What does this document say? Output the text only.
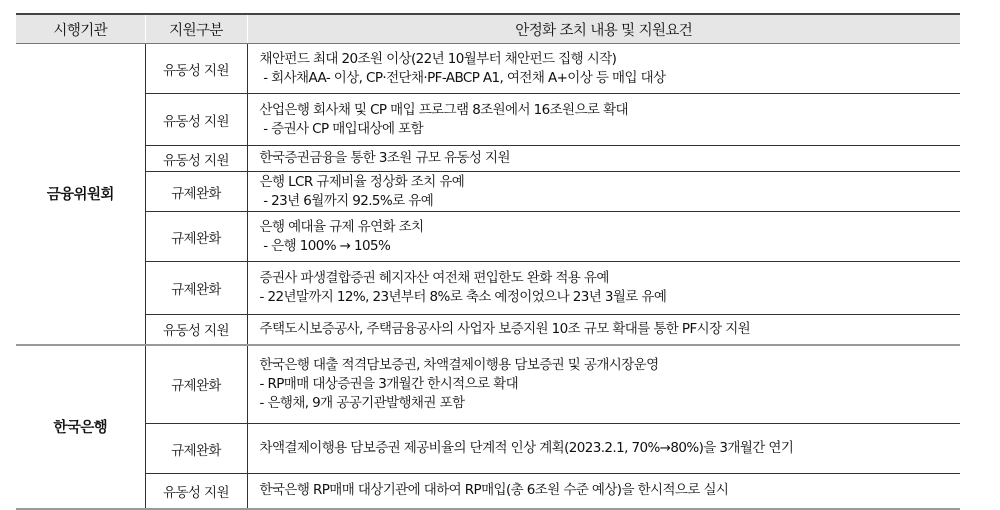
시행기관	지원구분	안정화 조치 내용 및 지원요건
금융위원회	유동성 지원	채안펀드 최대 20조원 이상(22년 10월부터 채안펀드 집행 시작)
- 회사채AA- 이상, CP·전단채·PF-ABCP A1, 여전채 A+이상 등 매입 대상

	유동성 지원	산업은행 회사채 및 CP 매입 프로그램 8조원에서 16조원으로 확대
- 증권사 CP 매입대상에 포함

	유동성 지원	한국증권금융을 통한 3조원 규모 유동성 지원

	규제완화	은행 LCR 규제비율 정상화 조치 유예
- 23년 6월까지 92.5%로 유예

	규제완화	은행 예대율 규제 유연화 조치
- 은행 100% → 105%

	규제완화	증권사 파생결합증권 헤지자산 여전채 편입한도 완화 적용 유예
- 22년말까지 12%, 23년부터 8%로 축소 예정이었으나 23년 3월로 유예

	유동성 지원	주택도시보증공사, 주택금융공사의 사업자 보증지원 10조 규모 확대를 통한 PF시장 지원

한국은행	규제완화	한국은행 대출 적격담보증권, 차액결제이행용 담보증권 및 공개시장운영
- RP매매 대상증권을 3개월간 한시적으로 확대
- 은행채, 9개 공공기관발행채권 포함

	규제완화	차액결제이행용 담보증권 제공비율의 단계적 인상 계획(2023.2.1, 70%→80%)을 3개월간 연기

	유동성 지원	한국은행 RP매매 대상기관에 대하여 RP매입(총 6조원 수준 예상)을 한시적으로 실시
